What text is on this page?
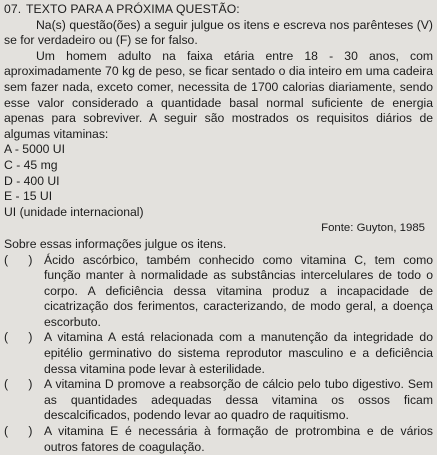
07. TEXTO PARA A PRÓXIMA QUESTÃO:

Na(s) questão(ões) a seguir julgue os itens e escreva nos parênteses (V) se for verdadeiro ou (F) se for falso.

Um homem adulto na faixa etária entre 18 - 30 anos, com aproximadamente 70 kg de peso, se ficar sentado o dia inteiro em uma cadeira sem fazer nada, exceto comer, necessita de 1700 calorias diariamente, sendo esse valor considerado a quantidade basal normal suficiente de energia apenas para sobreviver. A seguir são mostrados os requisitos diários de algumas vitaminas:

A - 5000 UI
C - 45 mg
D - 400 UI
E - 15 UI
UI (unidade internacional)
Fonte: Guyton, 1985

Sobre essas informações julgue os itens.

(      ) Ácido ascórbico, também conhecido como vitamina C, tem como função manter à normalidade as substâncias intercelulares de todo o corpo. A deficiência dessa vitamina produz a incapacidade de cicatrização dos ferimentos, caracterizando, de modo geral, a doença escorbuto.
(      ) A vitamina A está relacionada com a manutenção da integridade do epitélio germinativo do sistema reprodutor masculino e a deficiência dessa vitamina pode levar à esterilidade.
(      ) A vitamina D promove a reabsorção de cálcio pelo tubo digestivo. Sem as quantidades adequadas dessa vitamina os ossos ficam descalcificados, podendo levar ao quadro de raquitismo.
(      ) A vitamina E é necessária à formação de protrombina e de vários outros fatores de coagulação.
